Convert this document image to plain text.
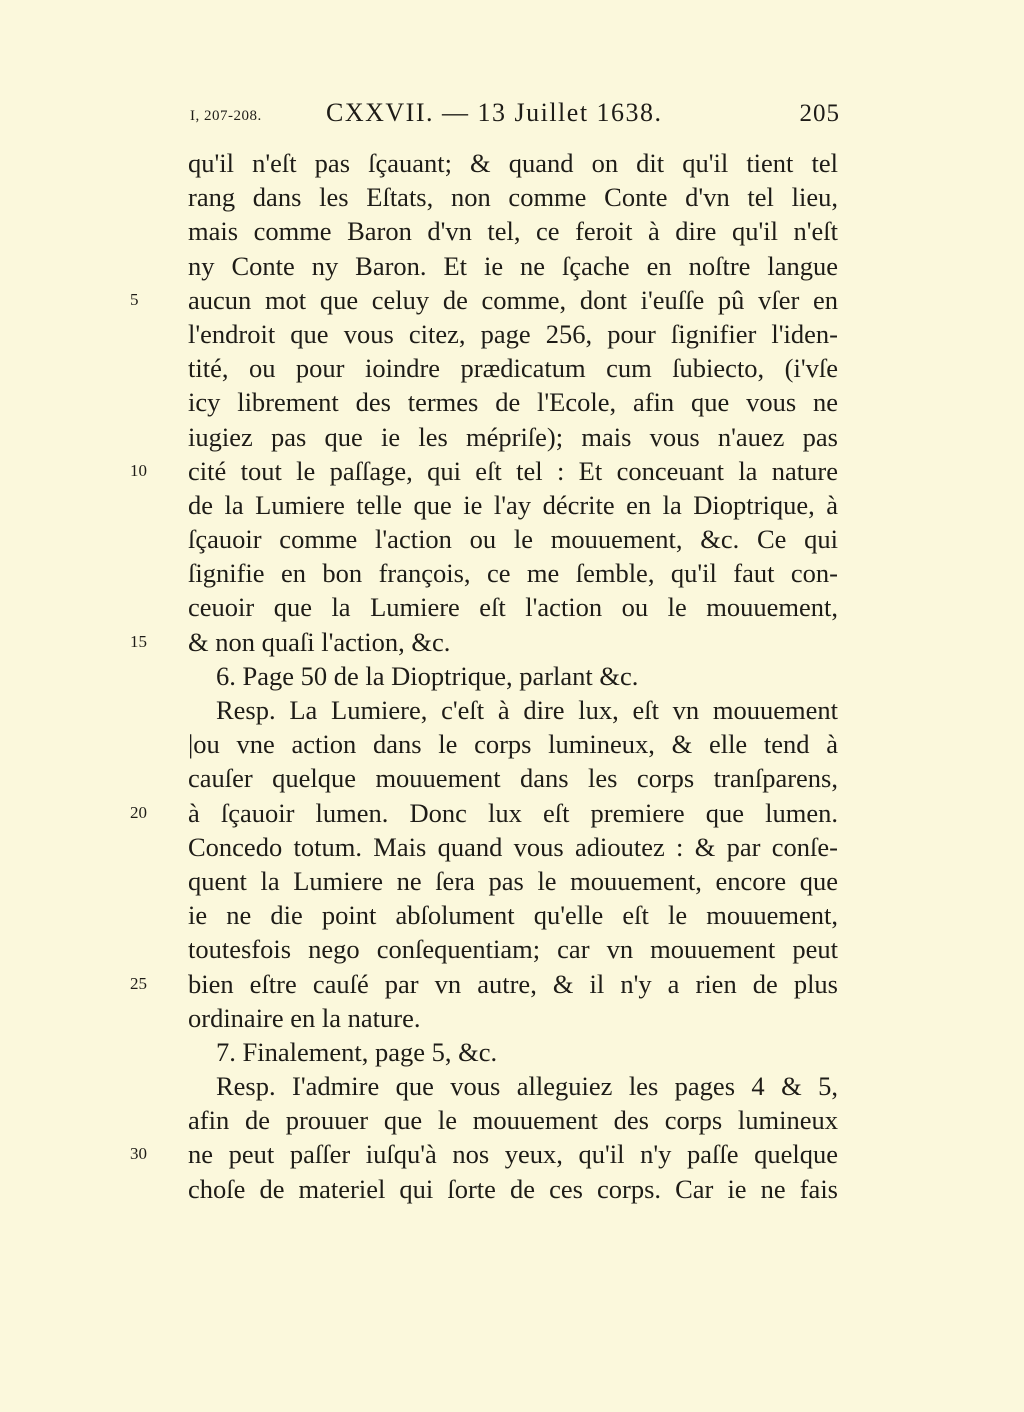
I, 207-208. CXXVII. — 13 Juillet 1638.	205
qu'il n'eſt pas ſçauant; & quand on dit qu'il tient tel
rang dans les Eſtats, non comme Conte d'vn tel lieu,
mais comme Baron d'vn tel, ce feroit à dire qu'il n'eſt
ny Conte ny Baron. Et ie ne ſçache en noſtre langue
5	aucun mot que celuy de comme, dont i'euſſe pû vſer en
l'endroit que vous citez, page 256, pour ſignifier l'iden-
tité, ou pour ioindre prædicatum cum ſubiecto, (i'vſe
icy librement des termes de l'Ecole, afin que vous ne
iugiez pas que ie les mépriſe); mais vous n'auez pas
10	cité tout le paſſage, qui eſt tel : Et conceuant la nature
de la Lumiere telle que ie l'ay décrite en la Dioptrique, à
ſçauoir comme l'action ou le mouuement, &c. Ce qui
ſignifie en bon françois, ce me ſemble, qu'il faut con-
ceuoir que la Lumiere eſt l'action ou le mouuement,
15	& non quaſi l'action, &c.
6. Page 50 de la Dioptrique, parlant &c.
Resp. La Lumiere, c'eſt à dire lux, eſt vn mouuement
|ou vne action dans le corps lumineux, & elle tend à
cauſer quelque mouuement dans les corps tranſparens,
20	à ſçauoir lumen. Donc lux eſt premiere que lumen.
Concedo totum. Mais quand vous adioutez : & par conſe-
quent la Lumiere ne ſera pas le mouuement, encore que
ie ne die point abſolument qu'elle eſt le mouuement,
toutesfois nego conſequentiam; car vn mouuement peut
25	bien eſtre cauſé par vn autre, & il n'y a rien de plus
ordinaire en la nature.
7. Finalement, page 5, &c.
Resp. I'admire que vous alleguiez les pages 4 & 5,
afin de prouuer que le mouuement des corps lumineux
30	ne peut paſſer iuſqu'à nos yeux, qu'il n'y paſſe quelque
choſe de materiel qui ſorte de ces corps. Car ie ne fais
